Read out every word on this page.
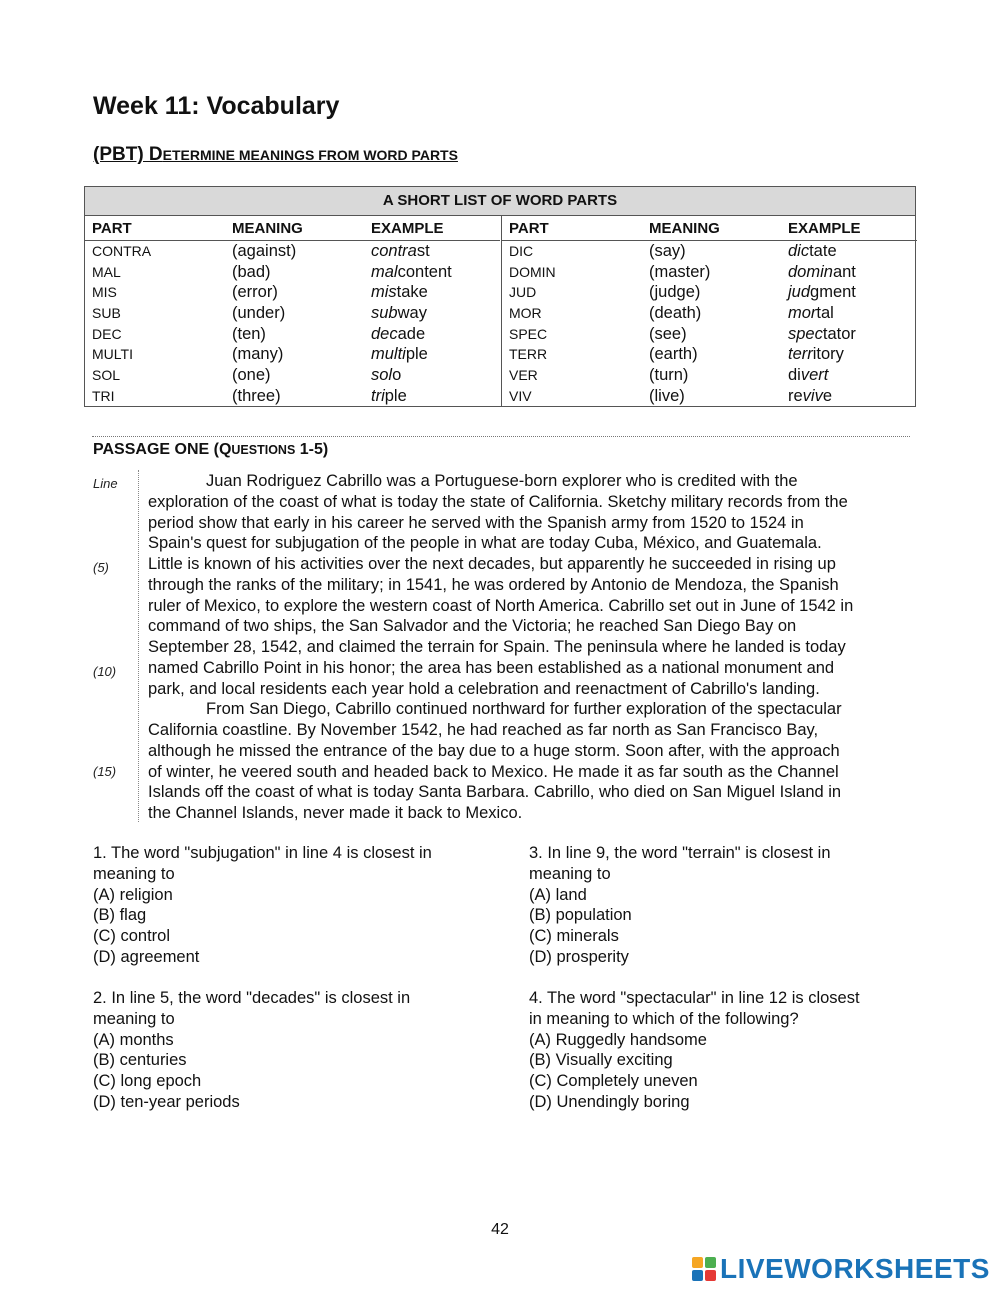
Week 11: Vocabulary
(PBT) DETERMINE MEANINGS FROM WORD PARTS
A SHORT LIST OF WORD PARTS
PART	MEANING	EXAMPLE
CONTRA	(against)	contrast
MAL	(bad)	malcontent
MIS	(error)	mistake
SUB	(under)	subway
DEC	(ten)	decade
MULTI	(many)	multiple
SOL	(one)	solo
TRI	(three)	triple
PART	MEANING	EXAMPLE
DIC	(say)	dictate
DOMIN	(master)	dominant
JUD	(judge)	judgment
MOR	(death)	mortal
SPEC	(see)	spectator
TERR	(earth)	territory
VER	(turn)	divert
VIV	(live)	revive
PASSAGE ONE (QUESTIONS 1-5)
Line
(5)
(10)
(15)
Juan Rodriguez Cabrillo was a Portuguese-born explorer who is credited with the
exploration of the coast of what is today the state of California. Sketchy military records from the
period show that early in his career he served with the Spanish army from 1520 to 1524 in
Spain's quest for subjugation of the people in what are today Cuba, México, and Guatemala.
Little is known of his activities over the next decades, but apparently he succeeded in rising up
through the ranks of the military; in 1541, he was ordered by Antonio de Mendoza, the Spanish
ruler of Mexico, to explore the western coast of North America. Cabrillo set out in June of 1542 in
command of two ships, the San Salvador and the Victoria; he reached San Diego Bay on
September 28, 1542, and claimed the terrain for Spain. The peninsula where he landed is today
named Cabrillo Point in his honor; the area has been established as a national monument and
park, and local residents each year hold a celebration and reenactment of Cabrillo's landing.
From San Diego, Cabrillo continued northward for further exploration of the spectacular
California coastline. By November 1542, he had reached as far north as San Francisco Bay,
although he missed the entrance of the bay due to a huge storm. Soon after, with the approach
of winter, he veered south and headed back to Mexico. He made it as far south as the Channel
Islands off the coast of what is today Santa Barbara. Cabrillo, who died on San Miguel Island in
the Channel Islands, never made it back to Mexico.
1. The word "subjugation" in line 4 is closest in
meaning to
(A) religion
(B) flag
(C) control
(D) agreement
2. In line 5, the word "decades" is closest in
meaning to
(A) months
(B) centuries
(C) long epoch
(D) ten-year periods
3. In line 9, the word "terrain" is closest in
meaning to
(A) land
(B) population
(C) minerals
(D) prosperity
4. The word "spectacular" in line 12 is closest
in meaning to which of the following?
(A) Ruggedly handsome
(B) Visually exciting
(C) Completely uneven
(D) Unendingly boring
42
LIVEWORKSHEETS
